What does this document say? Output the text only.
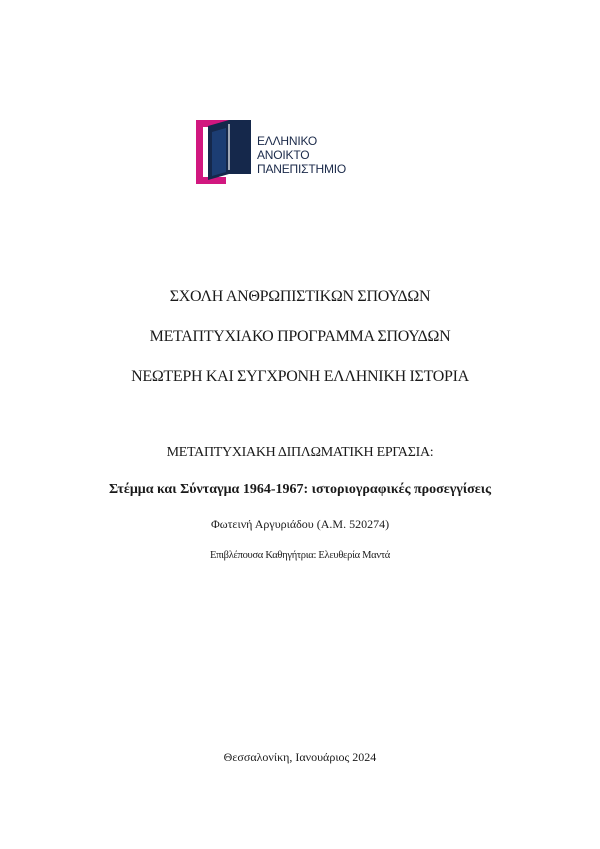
ΕΛΛΗΝΙΚΟ
ΑΝΟΙΚΤΟ
ΠΑΝΕΠΙΣΤΗΜΙΟ
ΣΧΟΛΗ ΑΝΘΡΩΠΙΣΤΙΚΩΝ ΣΠΟΥΔΩΝ
ΜΕΤΑΠΤΥΧΙΑΚΟ ΠΡΟΓΡΑΜΜΑ ΣΠΟΥΔΩΝ
ΝΕΩΤΕΡΗ ΚΑΙ ΣΥΓΧΡΟΝΗ ΕΛΛΗΝΙΚΗ ΙΣΤΟΡΙΑ
ΜΕΤΑΠΤΥΧΙΑΚΗ ΔΙΠΛΩΜΑΤΙΚΗ ΕΡΓΑΣΙΑ:
Στέμμα και Σύνταγμα 1964-1967: ιστοριογραφικές προσεγγίσεις
Φωτεινή Αργυριάδου (Α.Μ. 520274)
Επιβλέπουσα Καθηγήτρια: Ελευθερία Μαντά
Θεσσαλονίκη, Ιανουάριος 2024
